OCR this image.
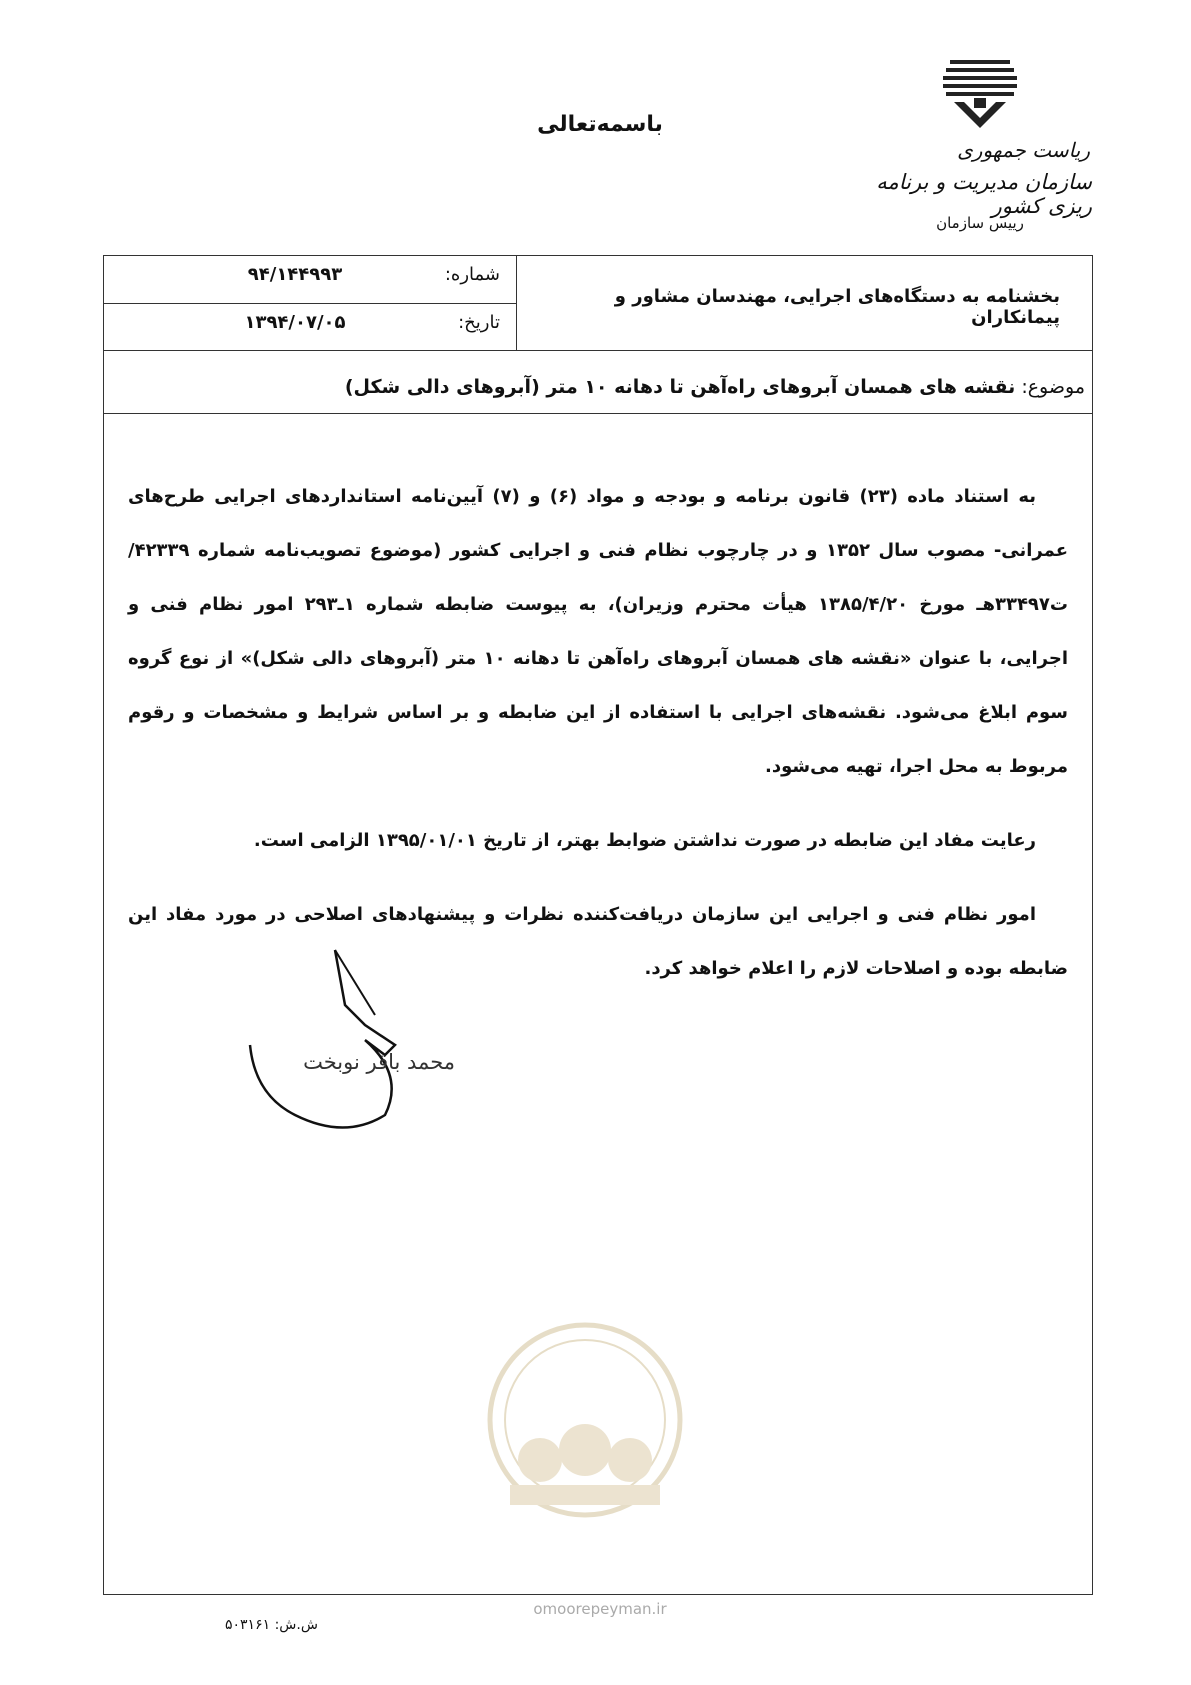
باسمه‌تعالی
ریاست جمهوری
سازمان مدیریت و برنامه ریزی کشور
رییس سازمان
بخشنامه به دستگاه‌های اجرایی، مهندسان مشاور و پیمانکاران
شماره:
۹۴/۱۴۴۹۹۳
تاریخ:
۱۳۹۴/۰۷/۰۵
موضوع: نقشه های همسان آبروهای راه‌آهن تا دهانه ۱۰ متر (آبروهای دالی شکل)

به استناد ماده (۲۳) قانون برنامه و بودجه و مواد (۶) و (۷) آیین‌نامه استانداردهای اجرایی طرح‌های عمرانی- مصوب سال ۱۳۵۲ و در چارچوب نظام فنی و اجرایی کشور (موضوع تصویب‌نامه شماره ۴۲۳۳۹/ت۳۳۴۹۷هـ مورخ ۱۳۸۵/۴/۲۰ هیأت محترم وزیران)، به پیوست ضابطه شماره ۱ـ۲۹۳ امور نظام فنی و اجرایی، با عنوان «نقشه های همسان آبروهای راه‌آهن تا دهانه ۱۰ متر (آبروهای دالی شکل)» از نوع گروه سوم ابلاغ می‌شود. نقشه‌های اجرایی با استفاده از این ضابطه و بر اساس شرایط و مشخصات و رقوم مربوط به محل اجرا، تهیه می‌شود.

رعایت مفاد این ضابطه در صورت نداشتن ضوابط بهتر، از تاریخ ۱۳۹۵/۰۱/۰۱ الزامی است.

امور نظام فنی و اجرایی این سازمان دریافت‌کننده نظرات و پیشنهادهای اصلاحی در مورد مفاد این ضابطه بوده و اصلاحات لازم را اعلام خواهد کرد.

محمد باقر نوبخت
omoorepeyman.ir
ش.ش: ۵۰۳۱۶۱
